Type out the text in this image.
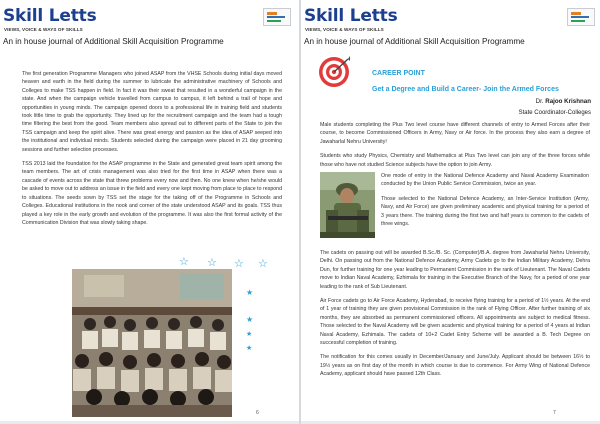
Skill Letts
VIEWS, VOICE & WAYS OF SKILLS
An in house journal of Additional Skill Acquisition Programme

The first generation Programme Managers who joined ASAP from the VHSE Schools during initial days moved heaven and earth in the field during the summer to lubricate the administrative machinery of Schools and Colleges to make TSS happen in field. In fact it was their sweat that resulted in a wonderful campaign in the state. And when the campaign vehicle travelled from campus to campus, it left behind a trail of hope and opportunities in young minds. The campaign opened doors to a professional life in training field and students took little time to grab the opportunity. They lined up for the recruitment campaign and the team had a tough time filtering the best from the good. Team members also spread out to different parts of the State to join the TSS campaign and keep the spirit alive. There was great energy and passion as the idea of ASAP seeped into the institutional and individual minds. Students selected during the campaign were placed in 21 day grooming sessions and further selection processes.

TSS 2013 laid the foundation for the ASAP programme in the State and generated great team spirit among the team members. The art of crisis management was also tried for the first time in ASAP when there was a cascade of events across the state that threw problems every now and then. No one knew when he/she would be asked to move out to address an issue in the field and every one kept moving from place to place to respond to situations. The seeds sown by TSS set the stage for the taking off of the Programme in Schools and Colleges. Educational institutions in the nook and corner of the state understood ASAP and its goals. TSS thus played a key role in the early growth and evolution of the programme. It was also the first formal activity of the Communication Division that was slowly taking shape.

☆ ☆ ☆ ☆
★
★
★
★
6
Skill Letts
VIEWS, VOICE & WAYS OF SKILLS
An in house journal of Additional Skill Acquisition Programme
CAREER POINT
Get a Degree and Build a Career- Join the Armed Forces
Dr. Rajoo Krishnan
State Coordinator-Colleges

Male students completing the Plus Two level course have different channels of entry to Armed Forces after their course, to become Commissioned Officers in Army, Navy or Air force. In the process they also earn a degree of Jawaharlal Nehru University!

Students who study Physics, Chemistry and Mathematics at Plus Two level can join any of the three forces while those who have not studied Science subjects have the option to join Army.

One mode of entry in the National Defence Academy and Naval Academy Examination conducted by the Union Public Service Commission, twice an year.

Those selected to the National Defence Academy, an Inter-Service Institution (Army, Navy, and Air Force) are given preliminary academic and physical training for a period of 3 years there. The training during the first two and half years is common to the cadets of three wings.

The cadets on passing out will be awarded B.Sc./B. Sc. (Computer)/B.A. degree from Jawaharlal Nehru University, Delhi. On passing out from the National Defence Academy, Army Cadets go to the Indian Military Academy, Dehra Dun, for further training for one year leading to Permanent Commission in the rank of Lieutenant. The Naval Cadets move to Indian Naval Academy, Ezhimala for training in the Executive Branch of the Navy, for a period of one year leading to the rank of Sub Lieutenant.

Air Force cadets go to Air Force Academy, Hyderabad, to receive flying training for a period of 1½ years. At the end of 1 year of training they are given provisional Commission in the rank of Flying Officer. After further training of six months, they are absorbed as permanent commissioned officers. All appointments are subject to medical fitness. Those selected to the Naval Academy will be given academic and physical training for a period of 4 years at Indian Naval Academy, Ezhimala. The cadets of 10+2 Cadet Entry Scheme will be awarded a B. Tech Degree on successful completion of training.

The notification for this comes usually in December/January and June/July. Applicant should be between 16½ to 19½ years as on first day of the month in which course is due to commence. For Army Wing of National Defence Academy, applicant should have passed 12th Class.

7
